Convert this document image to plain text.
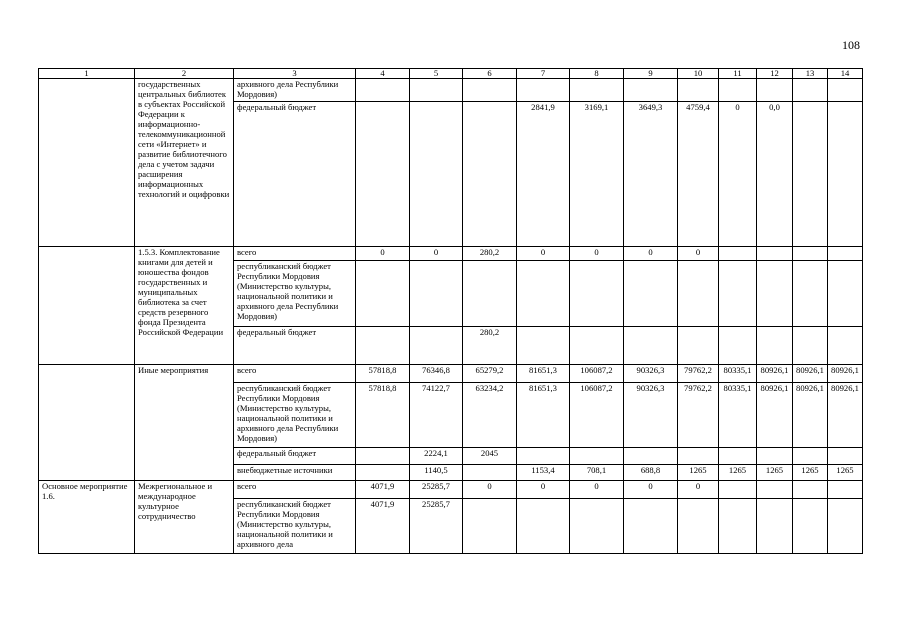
108
1	2	3	4	5	6	7	8	9	10	11	12	13	14
	государственных центральных библиотек в субъектах Российской Федерации к информационно-телекоммуникационной сети «Интернет» и развитие библиотечного дела с учетом задачи расширения информационных технологий и оцифровки	архивного дела Республики Мордовия)											
		федеральный бюджет				2841,9	3169,1	3649,3	4759,4	0	0,0		
	1.5.3. Комплектование книгами для детей и юношества фондов государственных и муниципальных библиотека за счет средств резервного фонда Президента Российской Федерации	всего	0	0	280,2	0	0	0	0				
		республиканский бюджет Республики Мордовия (Министерство культуры, национальной политики и архивного дела Республики Мордовия)											
		федеральный бюджет			280,2								
	Иные мероприятия	всего	57818,8	76346,8	65279,2	81651,3	106087,2	90326,3	79762,2	80335,1	80926,1	80926,1	80926,1
		республиканский бюджет Республики Мордовия (Министерство культуры, национальной политики и архивного дела Республики Мордовия)	57818,8	74122,7	63234,2	81651,3	106087,2	90326,3	79762,2	80335,1	80926,1	80926,1	80926,1
		федеральный бюджет		2224,1	2045								
		внебюджетные источники		1140,5		1153,4	708,1	688,8	1265	1265	1265	1265	1265
Основное мероприятие 1.6.	Межрегиональное и международное культурное сотрудничество	всего	4071,9	25285,7	0	0	0	0	0				
		республиканский бюджет Республики Мордовия (Министерство культуры, национальной политики и архивного дела	4071,9	25285,7									
